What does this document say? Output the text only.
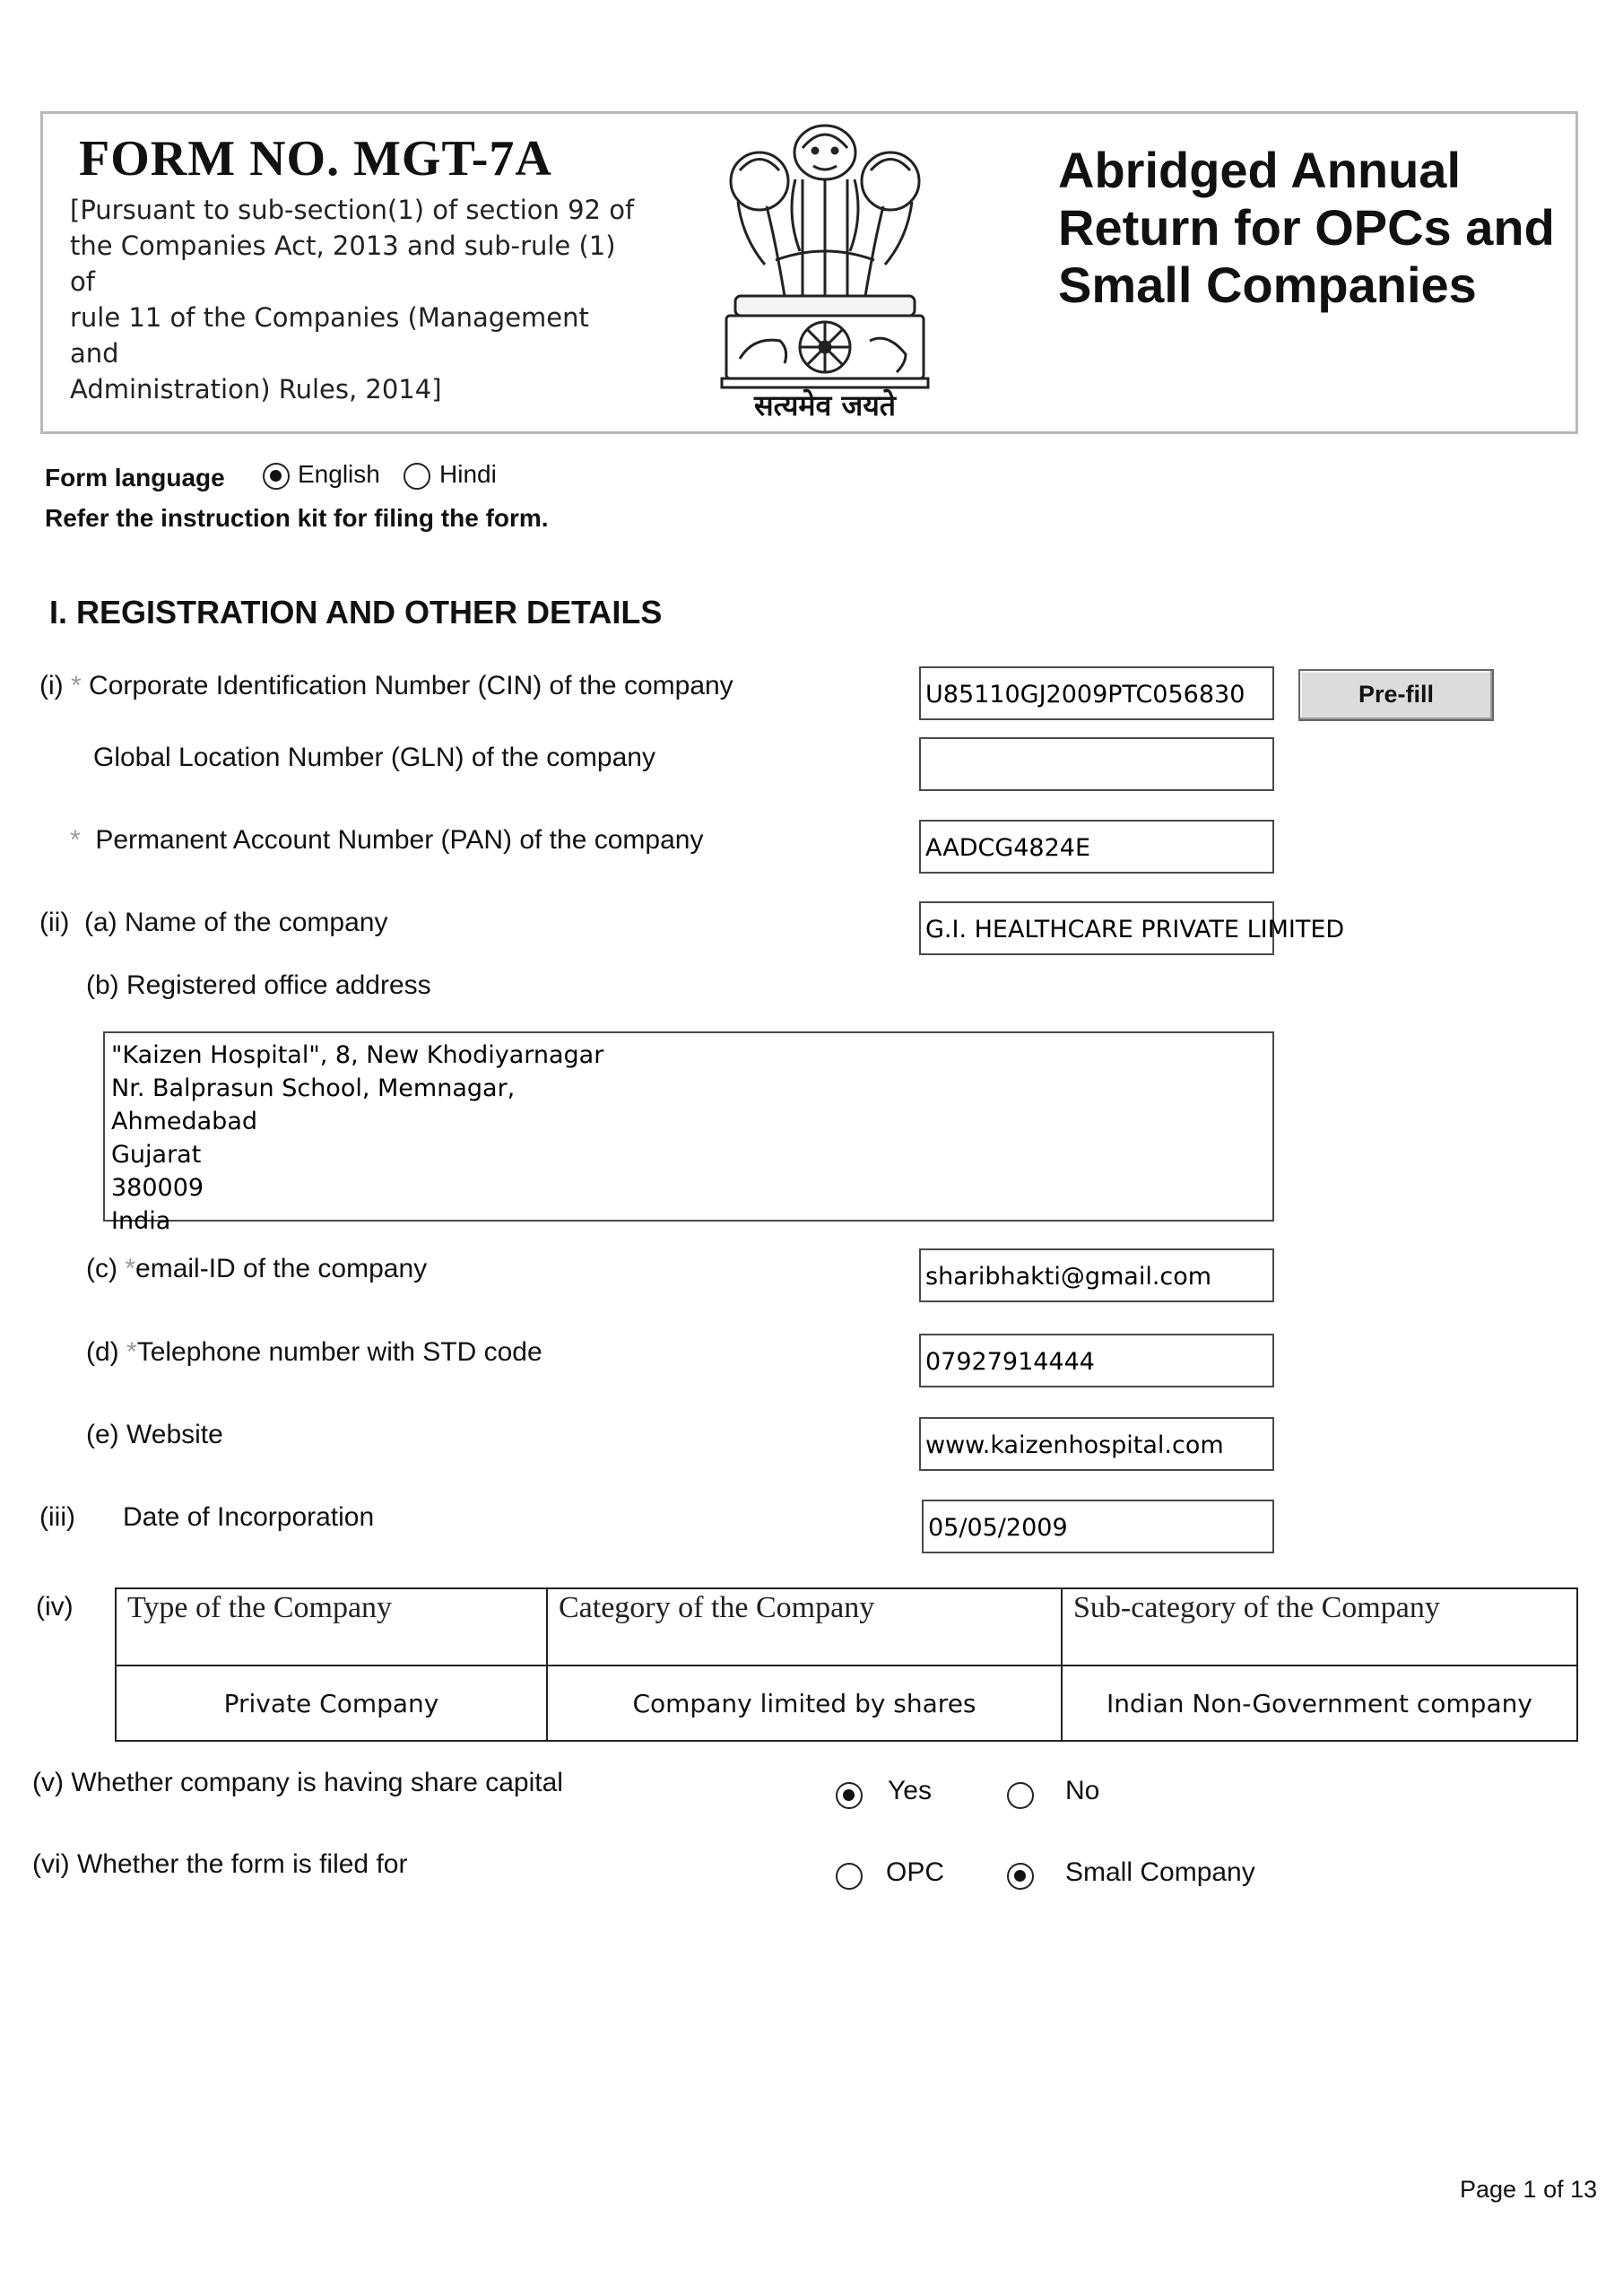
FORM NO. MGT-7A
[Pursuant to sub-section(1) of section 92 of
the Companies Act, 2013 and sub-rule (1) of
rule 11 of the Companies (Management and
Administration) Rules, 2014]	सत्यमेव जयते
Abridged Annual
Return for OPCs and
Small Companies
Form language	English Hindi
Refer the instruction kit for filing the form.
I. REGISTRATION AND OTHER DETAILS
(i) * Corporate Identification Number (CIN) of the company	U85110GJ2009PTC056830	Pre-fill
Global Location Number (GLN) of the company
* Permanent Account Number (PAN) of the company	AADCG4824E
(ii) (a) Name of the company	G.I. HEALTHCARE PRIVATE LIMITED
(b) Registered office address
"Kaizen Hospital", 8, New Khodiyarnagar
Nr. Balprasun School, Memnagar,
Ahmedabad
Gujarat
380009
India
(c) *email-ID of the company	sharibhakti@gmail.com
(d) *Telephone number with STD code	07927914444
(e) Website	www.kaizenhospital.com
(iii) Date of Incorporation	05/05/2009
(iv) Type of the Company	Category of the Company	Sub-category of the Company
Private Company	Company limited by shares	Indian Non-Government company
(v) Whether company is having share capital	Yes	No
(vi) Whether the form is filed for	OPC	Small Company
Page 1 of 13
